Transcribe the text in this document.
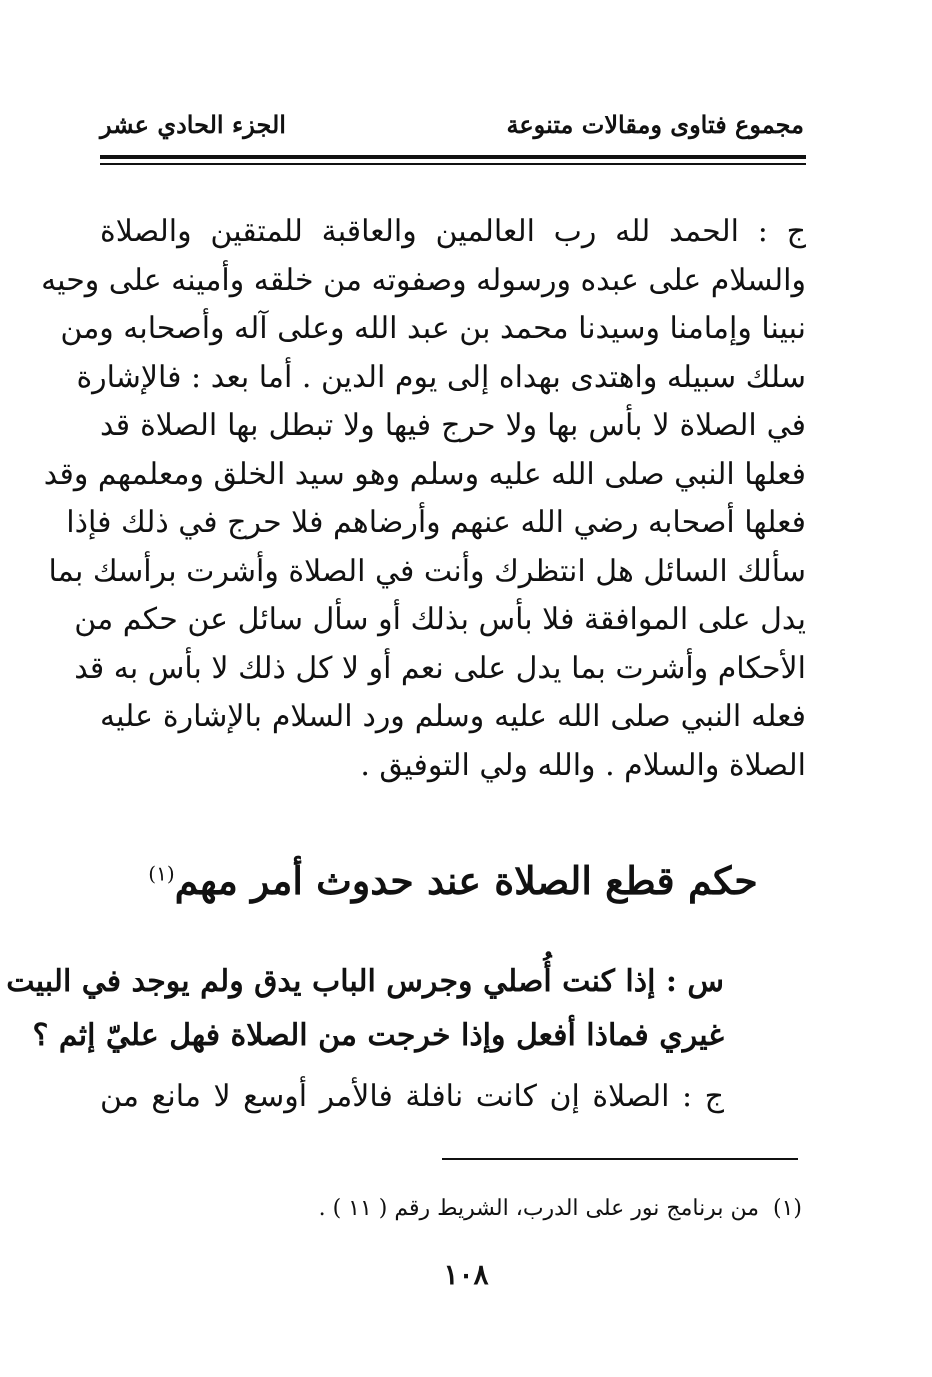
مجموع فتاوى ومقالات متنوعة
الجزء الحادي عشر
ج : الحمد لله رب العالمين والعاقبة للمتقين والصلاة
والسلام على عبده ورسوله وصفوته من خلقه وأمينه على وحيه
نبينا وإمامنا وسيدنا محمد بن عبد الله وعلى آله وأصحابه ومن
سلك سبيله واهتدى بهداه إلى يوم الدين . أما بعد : فالإشارة
في الصلاة لا بأس بها ولا حرج فيها ولا تبطل بها الصلاة قد
فعلها النبي صلى الله عليه وسلم وهو سيد الخلق ومعلمهم وقد
فعلها أصحابه رضي الله عنهم وأرضاهم فلا حرج في ذلك فإذا
سألك السائل هل انتظرك وأنت في الصلاة وأشرت برأسك بما
يدل على الموافقة فلا بأس بذلك أو سأل سائل عن حكم من
الأحكام وأشرت بما يدل على نعم أو لا كل ذلك لا بأس به قد
فعله النبي صلى الله عليه وسلم ورد السلام بالإشارة عليه
الصلاة والسلام . والله ولي التوفيق .
حكم قطع الصلاة عند حدوث أمر مهم$^{(١)}$
س : إذا كنت أُصلي وجرس الباب يدق ولم يوجد في البيت
غيري فماذا أفعل وإذا خرجت من الصلاة فهل عليّ إثم ؟
ج : الصلاة إن كانت نافلة فالأمر أوسع لا مانع من
(١)  من برنامج نور على الدرب، الشريط رقم ( ١١ ) .
١٠٨
